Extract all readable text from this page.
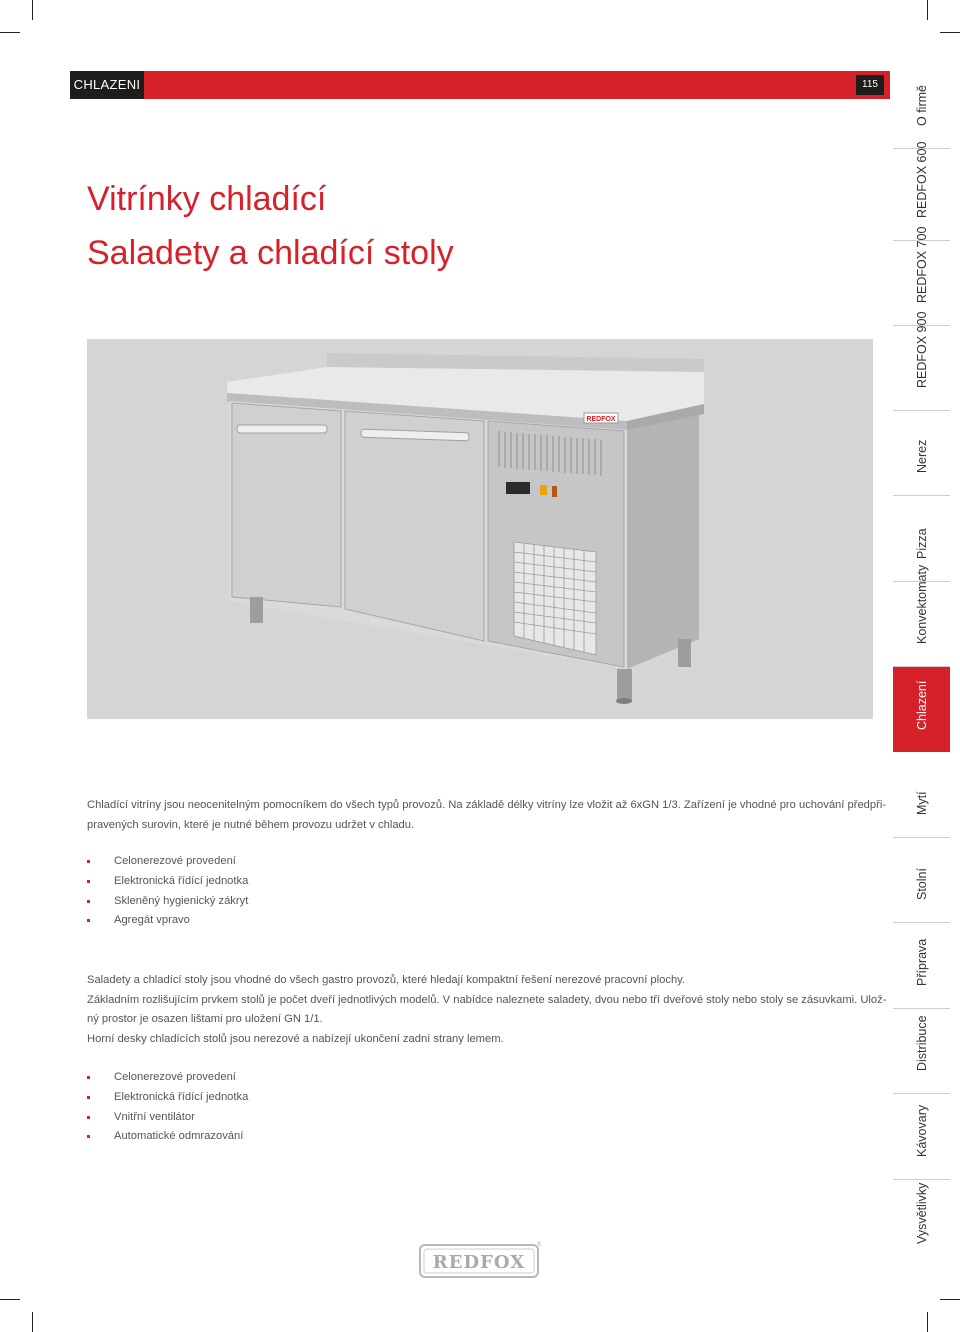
CHLAZENI	115
Vitrínky chladící
Saladety a chladící stoly
REDFOX

Chladící vitríny jsou neocenitelným pomocníkem do všech typů provozů. Na základě délky vitríny lze vložit až 6xGN 1/3. Zařízení je vhodné pro uchování předpři-
pravených surovin, které je nutné během provozu udržet v chladu.

Celonerezové provedení
Elektronická řídící jednotka
Skleněný hygienický zákryt
Agregát vpravo

Saladety a chladící stoly jsou vhodné do všech gastro provozů, které hledají kompaktní řešení nerezové pracovní plochy.
Základním rozlišujícím prvkem stolů je počet dveří jednotlivých modelů. V nabídce naleznete saladety, dvou nebo tří dveřové stoly nebo stoly se zásuvkami. Ulož-
ný prostor je osazen lištami pro uložení GN 1/1.
Horní desky chladících stolů jsou nerezové a nabízejí ukončení zadní strany lemem.

Celonerezové provedení
Elektronická řídící jednotka
Vnitřní ventilátor
Automatické odmrazování
O firmě
REDFOX 600
REDFOX 700
REDFOX 900
Nerez
Pizza
Konvektomaty
Chlazení
Mytí
Stolní
Příprava
Distribuce
Kávovary
Vysvětlivky
REDFOX
®
